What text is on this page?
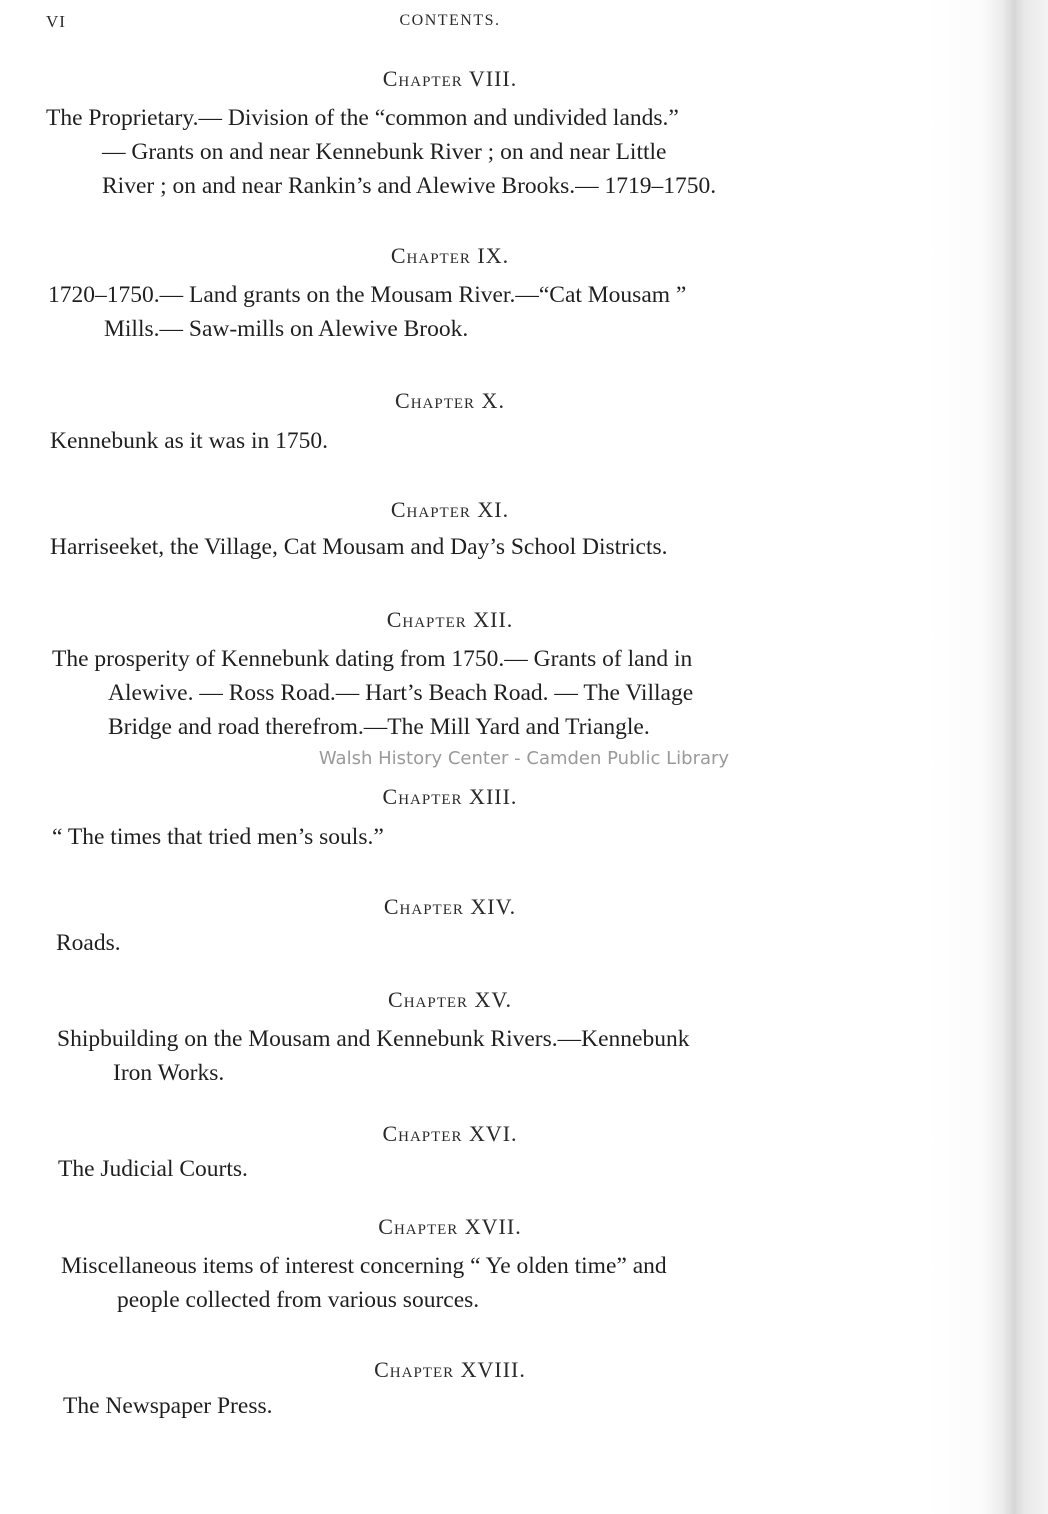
VI	CONTENTS.
Chapter VIII.
The Proprietary.— Division of the “common and undivided lands.”
— Grants on and near Kennebunk River ; on and near Little
River ; on and near Rankin’s and Alewive Brooks.— 1719–1750.
Chapter IX.
1720–1750.— Land grants on the Mousam River.—“Cat Mousam ”
Mills.— Saw-mills on Alewive Brook.
Chapter X.
Kennebunk as it was in 1750.
Chapter XI.
Harriseeket, the Village, Cat Mousam and Day’s School Districts.
Chapter XII.
The prosperity of Kennebunk dating from 1750.— Grants of land in
Alewive. — Ross Road.— Hart’s Beach Road. — The Village
Bridge and road therefrom.—The Mill Yard and Triangle.
Walsh History Center - Camden Public Library
Chapter XIII.
“ The times that tried men’s souls.”
Chapter XIV.
Roads.
Chapter XV.
Shipbuilding on the Mousam and Kennebunk Rivers.—Kennebunk
Iron Works.
Chapter XVI.
The Judicial Courts.
Chapter XVII.
Miscellaneous items of interest concerning “ Ye olden time” and
people collected from various sources.
Chapter XVIII.
The Newspaper Press.
